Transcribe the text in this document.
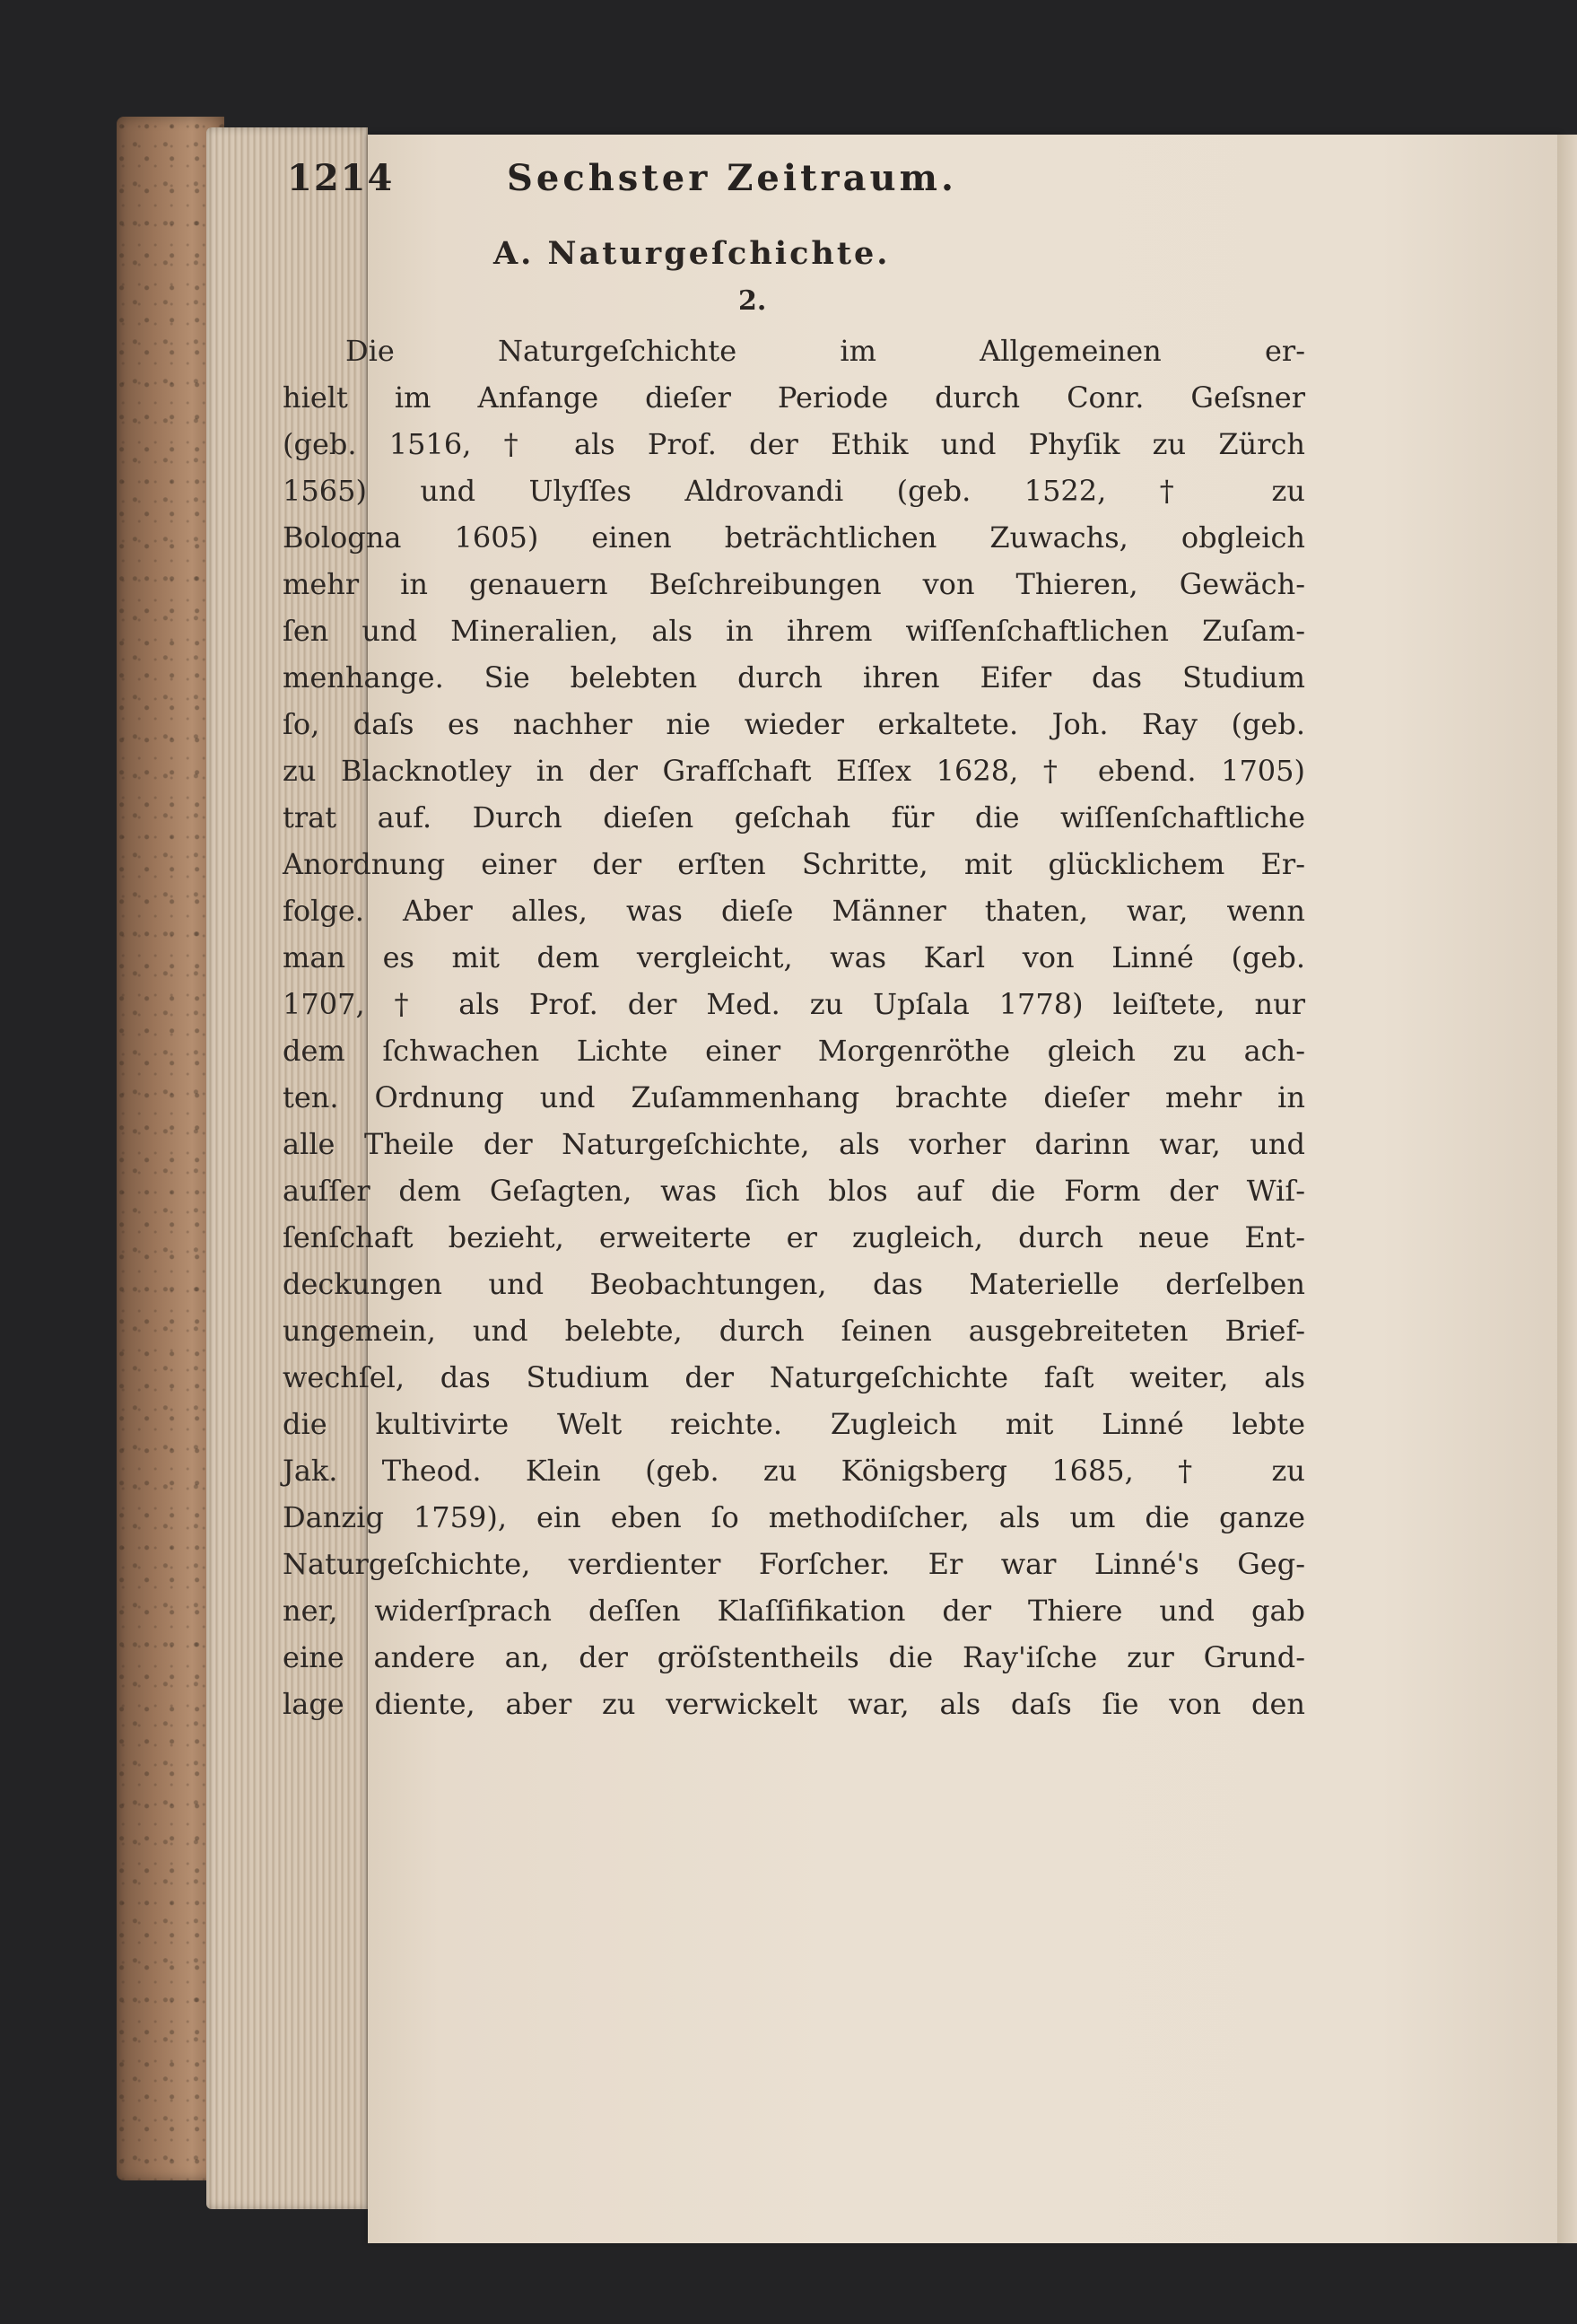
1214	Sechster Zeitraum.
A. Naturgeſchichte.
2.
Die Naturgeſchichte im Allgemeinen er-
hielt im Anfange dieſer Periode durch Conr. Geſsner
(geb. 1516, † als Prof. der Ethik und Phyſik zu Zürch
1565) und Ulyſſes Aldrovandi (geb. 1522, † zu
Bologna 1605) einen beträchtlichen Zuwachs, obgleich
mehr in genauern Beſchreibungen von Thieren, Gewäch-
ſen und Mineralien, als in ihrem wiſſenſchaftlichen Zuſam-
menhange. Sie belebten durch ihren Eifer das Studium
ſo, daſs es nachher nie wieder erkaltete. Joh. Ray (geb.
zu Blacknotley in der Grafſchaft Eſſex 1628, † ebend. 1705)
trat auf. Durch dieſen geſchah für die wiſſenſchaftliche
Anordnung einer der erſten Schritte, mit glücklichem Er-
folge. Aber alles, was dieſe Männer thaten, war, wenn
man es mit dem vergleicht, was Karl von Linné (geb.
1707, † als Prof. der Med. zu Upſala 1778) leiſtete, nur
dem ſchwachen Lichte einer Morgenröthe gleich zu ach-
ten. Ordnung und Zuſammenhang brachte dieſer mehr in
alle Theile der Naturgeſchichte, als vorher darinn war, und
auſſer dem Geſagten, was ſich blos auf die Form der Wiſ-
ſenſchaft bezieht, erweiterte er zugleich, durch neue Ent-
deckungen und Beobachtungen, das Materielle derſelben
ungemein, und belebte, durch ſeinen ausgebreiteten Brief-
wechſel, das Studium der Naturgeſchichte faſt weiter, als
die kultivirte Welt reichte. Zugleich mit Linné lebte
Jak. Theod. Klein (geb. zu Königsberg 1685, † zu
Danzig 1759), ein eben ſo methodiſcher, als um die ganze
Naturgeſchichte, verdienter Forſcher. Er war Linné's Geg-
ner, widerſprach deſſen Klaſſifikation der Thiere und gab
eine andere an, der gröſstentheils die Ray'iſche zur Grund-
lage diente, aber zu verwickelt war, als daſs ſie von den
